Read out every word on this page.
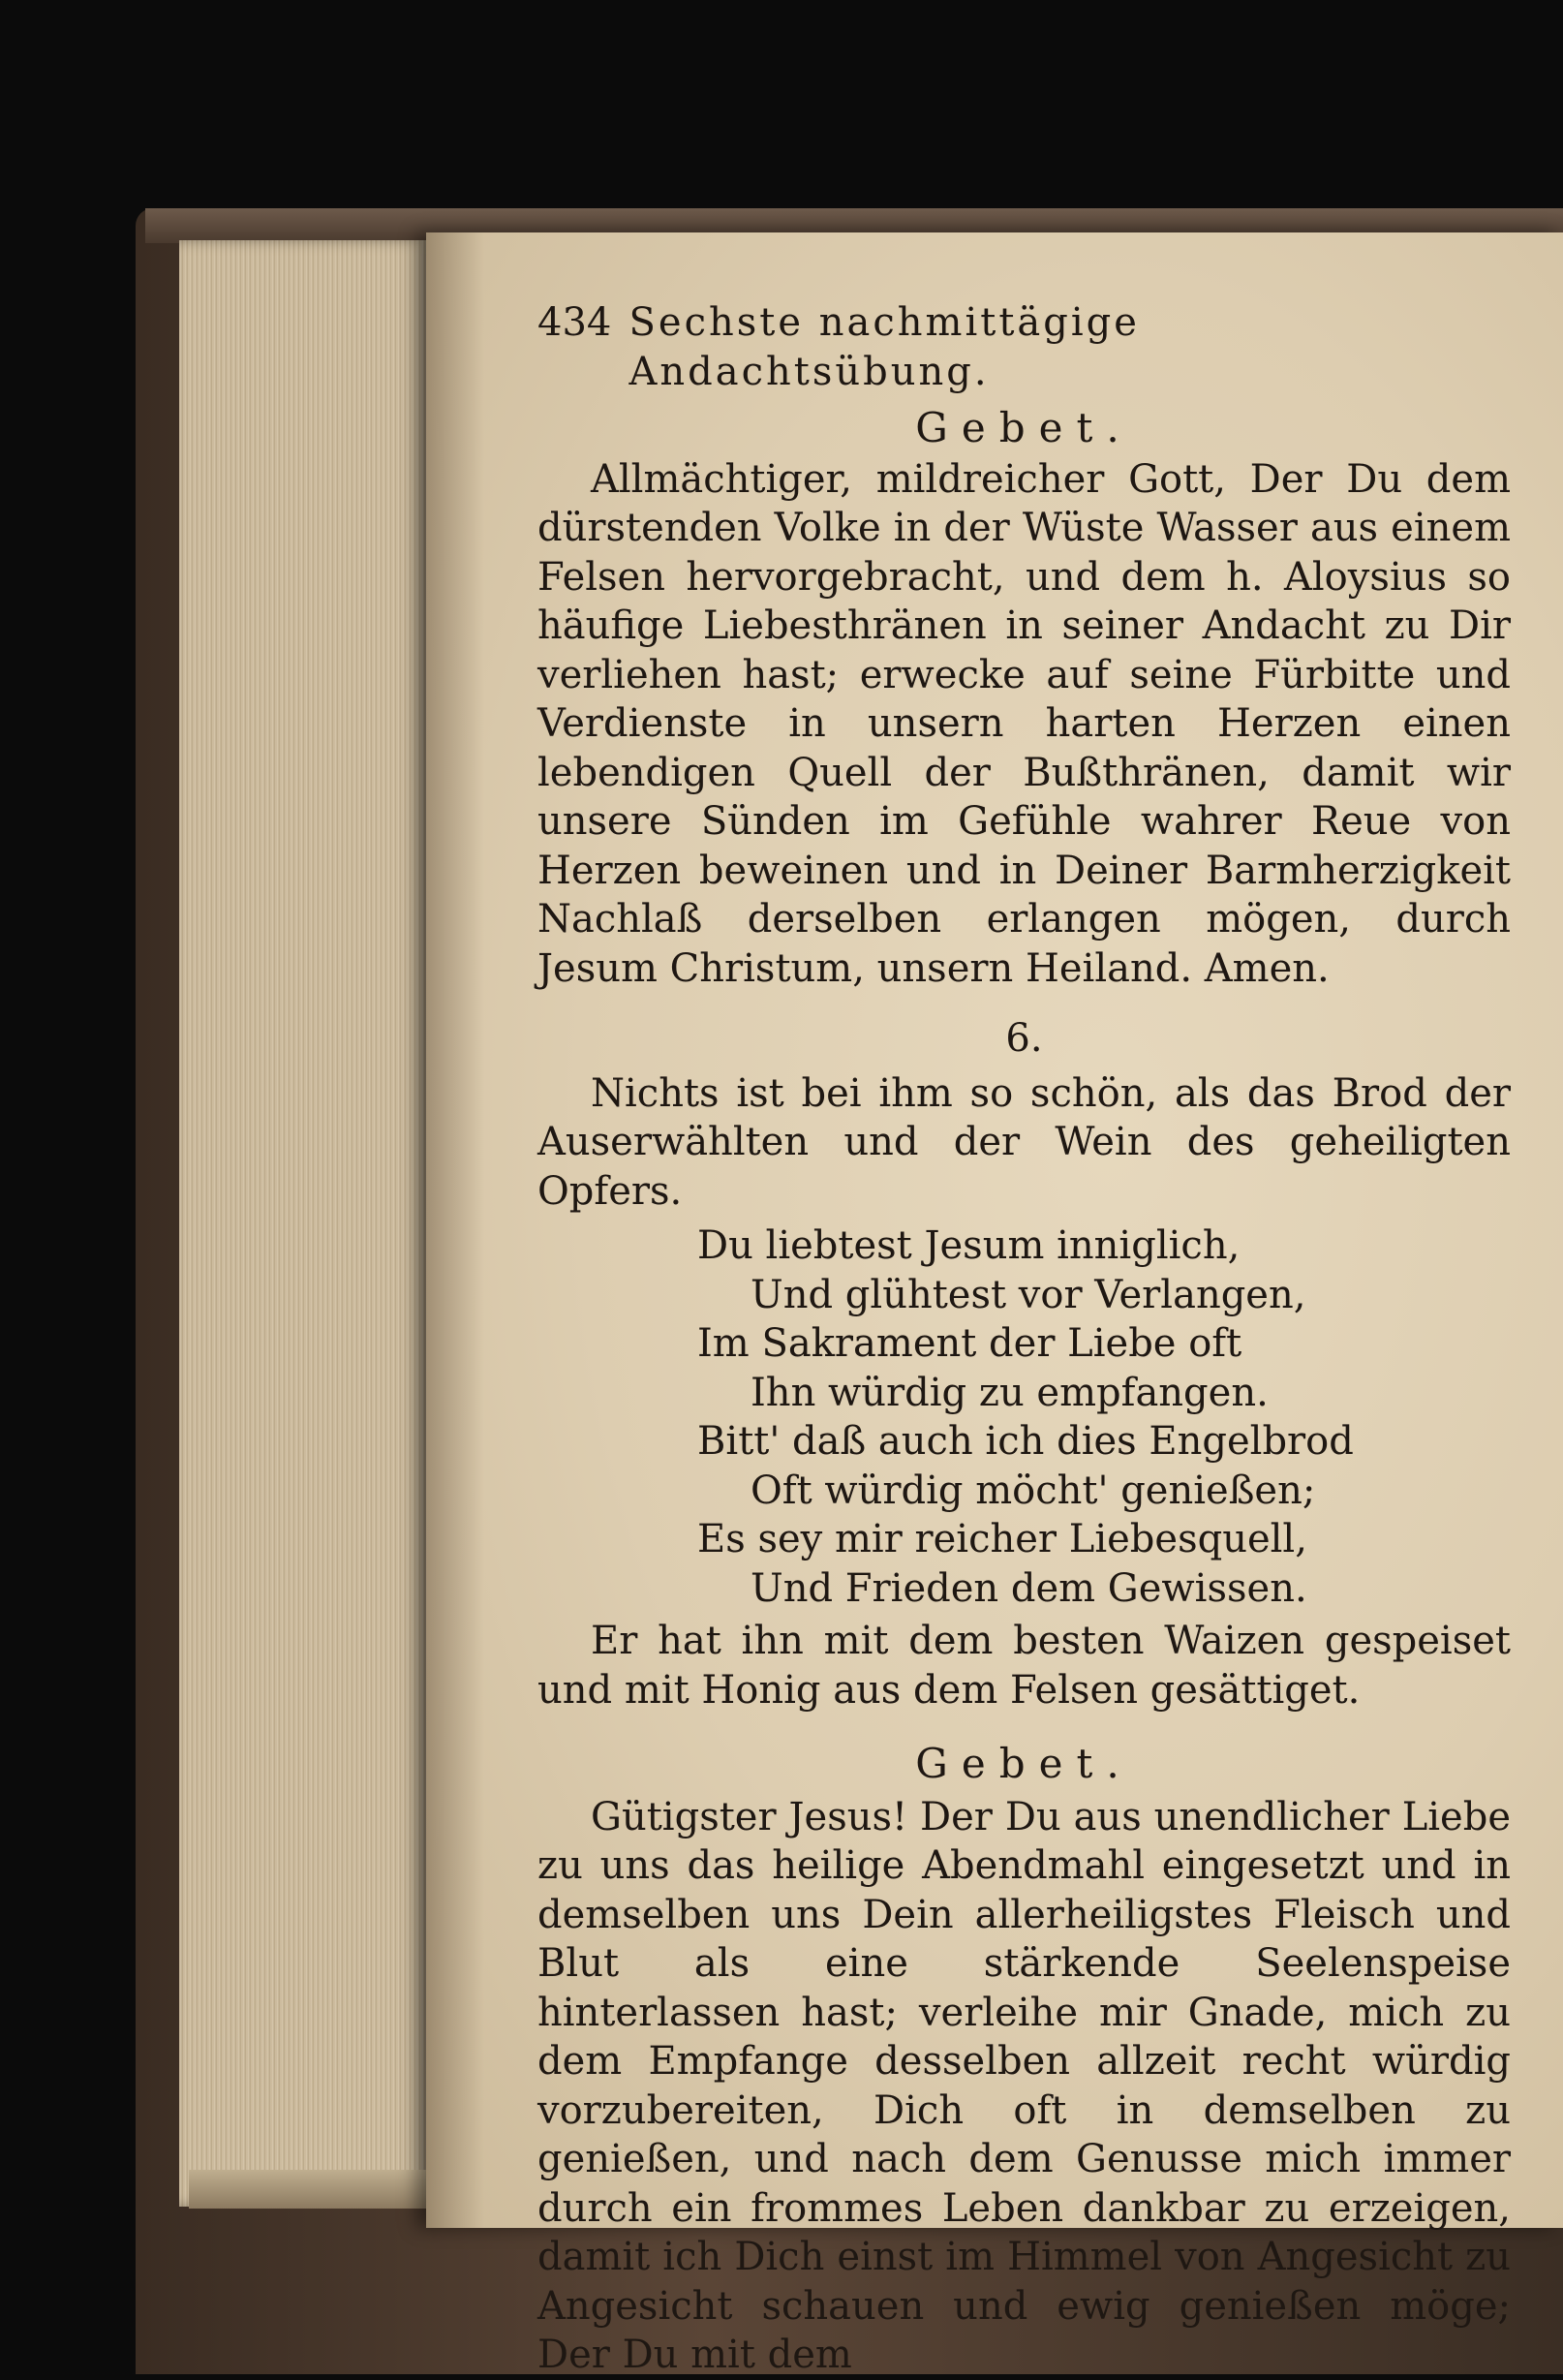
434 Sechste nachmittägige Andachtsübung.
Gebet.

Allmächtiger, mildreicher Gott, Der Du dem dürstenden Volke in der Wüste Wasser aus einem Felsen hervorgebracht, und dem h. Aloysius so häufige Liebesthränen in seiner Andacht zu Dir verliehen hast; erwecke auf seine Fürbitte und Verdienste in unsern harten Herzen einen lebendigen Quell der Bußthränen, damit wir unsere Sünden im Gefühle wahrer Reue von Herzen beweinen und in Deiner Barmherzigkeit Nachlaß derselben erlangen mögen, durch Jesum Christum, unsern Heiland. Amen.

6.

Nichts ist bei ihm so schön, als das Brod der Auserwählten und der Wein des geheiligten Opfers.

Du liebtest Jesum inniglich,
Und glühtest vor Verlangen,
Im Sakrament der Liebe oft
Ihn würdig zu empfangen.
Bitt' daß auch ich dies Engelbrod
Oft würdig möcht' genießen;
Es sey mir reicher Liebesquell,
Und Frieden dem Gewissen.

Er hat ihn mit dem besten Waizen gespeiset und mit Honig aus dem Felsen gesättiget.

Gebet.

Gütigster Jesus! Der Du aus unendlicher Liebe zu uns das heilige Abendmahl eingesetzt und in demselben uns Dein allerheiligstes Fleisch und Blut als eine stärkende Seelenspeise hinterlassen hast; verleihe mir Gnade, mich zu dem Empfange desselben allzeit recht würdig vorzubereiten, Dich oft in demselben zu genießen, und nach dem Genusse mich immer durch ein frommes Leben dankbar zu erzeigen, damit ich Dich einst im Himmel von Angesicht zu Angesicht schauen und ewig genießen möge; Der Du mit dem
